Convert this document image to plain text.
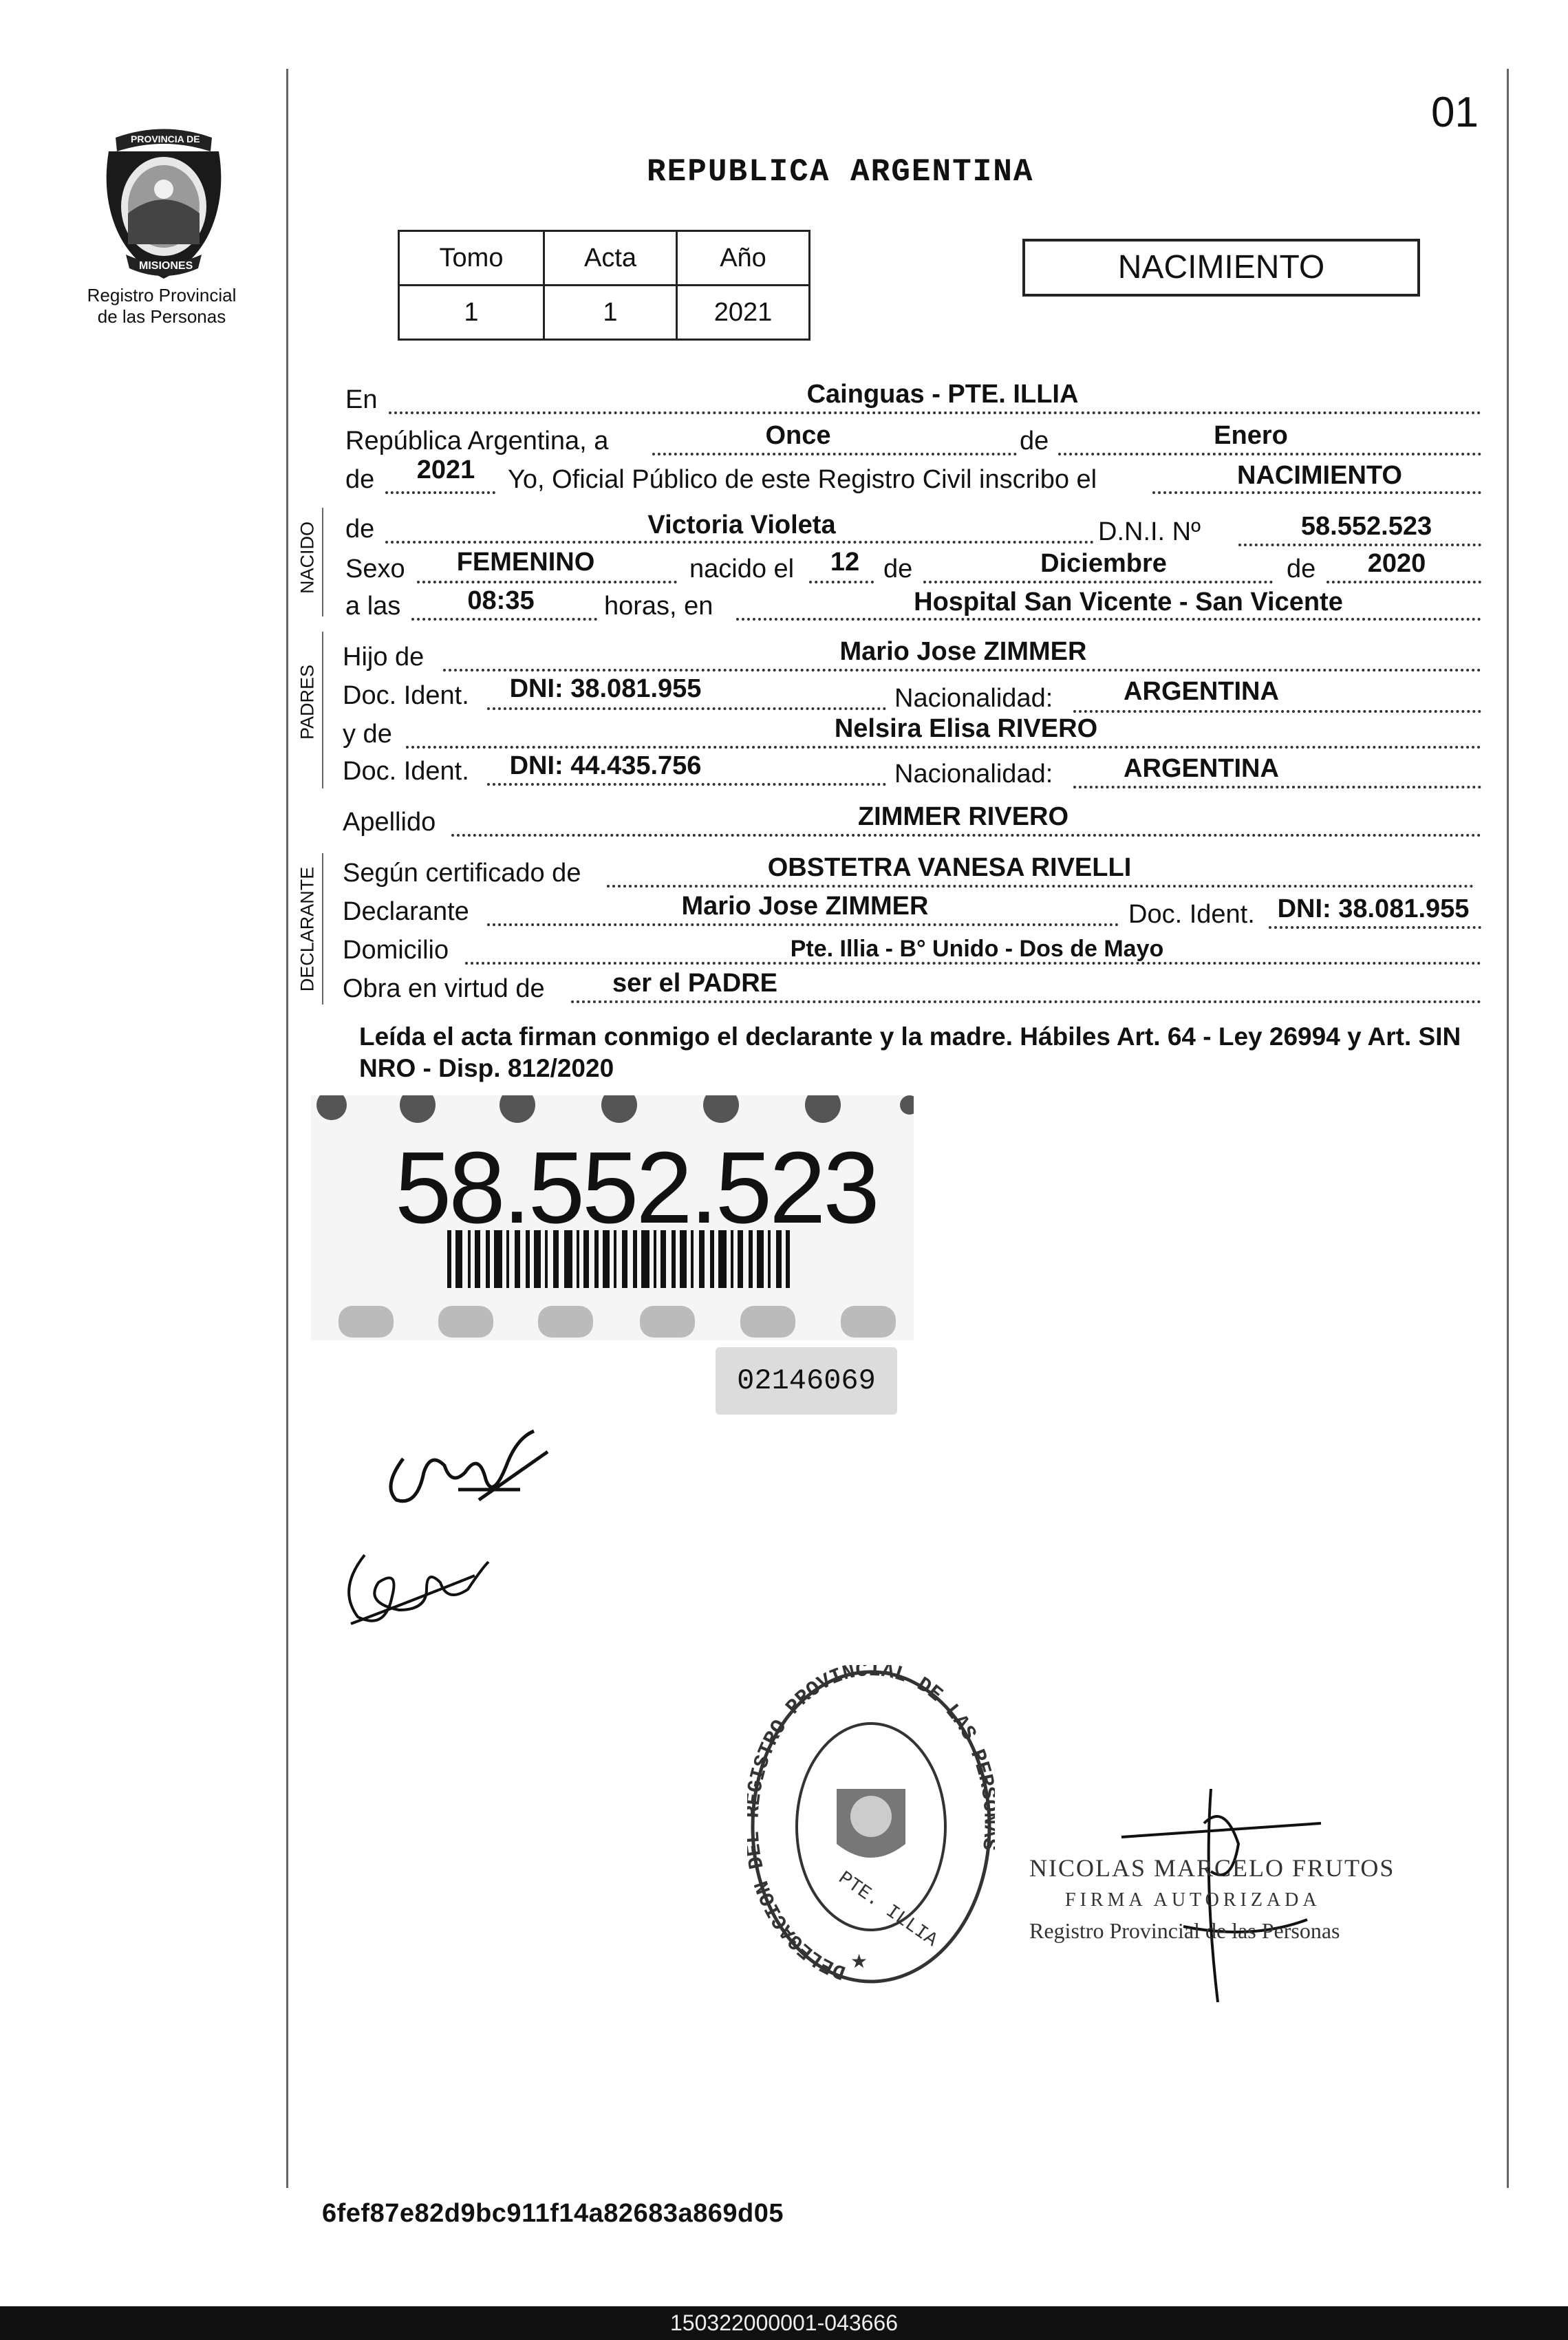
01
PROVINCIA DE
MISIONES
Registro Provincial
de las Personas
REPUBLICA ARGENTINA
Tomo	Acta	Año
1	1	2021
NACIMIENTO
NACIDO
PADRES
DECLARANTE
En	Cainguas - PTE. ILLIA
República Argentina, a	Once	de	Enero
de 2021 Yo, Oficial Público de este Registro Civil inscribo el	NACIMIENTO
de	Victoria Violeta	D.N.I. Nº	58.552.523
Sexo FEMENINO	nacido el 12 de	Diciembre	de 2020
a las	08:35	horas, en	Hospital San Vicente - San Vicente
Hijo de	Mario Jose ZIMMER
Doc. Ident. DNI: 38.081.955	Nacionalidad:	ARGENTINA
y de	Nelsira Elisa RIVERO
Doc. Ident. DNI: 44.435.756	Nacionalidad:	ARGENTINA
Apellido	ZIMMER RIVERO
Según certificado de	OBSTETRA VANESA RIVELLI
Declarante	Mario Jose ZIMMER	Doc. Ident. DNI: 38.081.955
Domicilio	Pte. Illia - B° Unido - Dos de Mayo
Obra en virtud de	ser el PADRE
Leída el acta firman conmigo el declarante y la madre. Hábiles Art. 64 - Ley 26994 y Art. SIN NRO - Disp. 812/2020
58.552.523
02146069
DELEGACION ISTRO PROVINCIAL DE LAS PE
★
PTE. ILLIA	NICOLAS MARCELO FRUTOS
FIRMA AUTORIZADA
Registro Provincial de las Personas
6fef87e82d9bc911f14a82683a869d05
150322000001-043666
